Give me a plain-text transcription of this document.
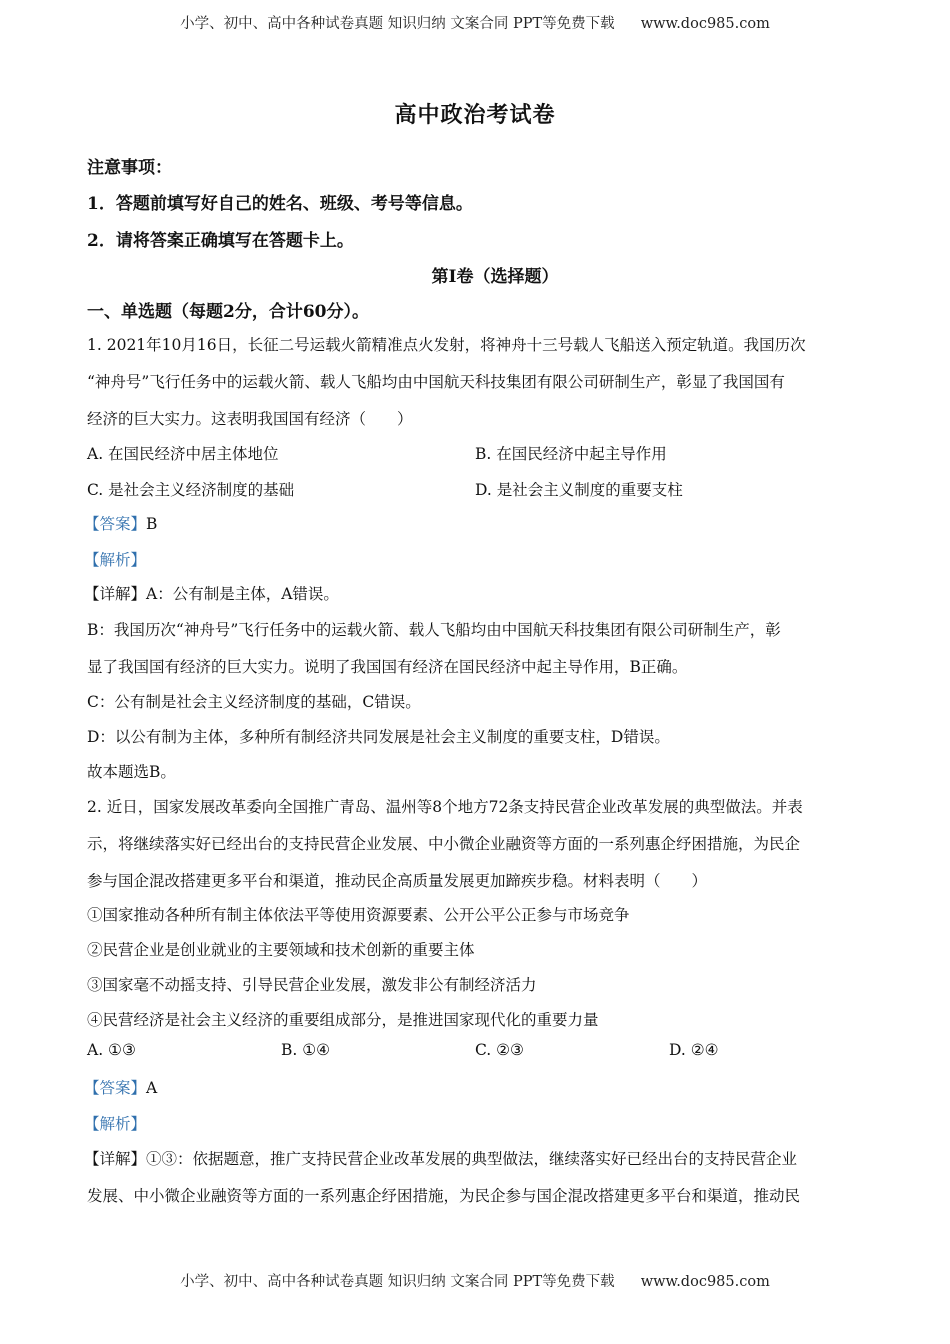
小学、初中、高中各种试卷真题 知识归纳 文案合同 PPT等免费下载 www.doc985.com
高中政治考试卷
注意事项：
1．答题前填写好自己的姓名、班级、考号等信息。
2．请将答案正确填写在答题卡上。
第I卷（选择题）
一、单选题（每题2分，合计60分）。
1. 2021年10月16日，长征二号运载火箭精准点火发射，将神舟十三号载人飞船送入预定轨道。我国历次
“神舟号”飞行任务中的运载火箭、载人飞船均由中国航天科技集团有限公司研制生产，彰显了我国国有
经济的巨大实力。这表明我国国有经济（　　）
A. 在国民经济中居主体地位	B. 在国民经济中起主导作用
C. 是社会主义经济制度的基础	D. 是社会主义制度的重要支柱
【答案】B
【解析】
【详解】A：公有制是主体，A错误。
B：我国历次“神舟号”飞行任务中的运载火箭、载人飞船均由中国航天科技集团有限公司研制生产，彰
显了我国国有经济的巨大实力。说明了我国国有经济在国民经济中起主导作用，B正确。
C：公有制是社会主义经济制度的基础，C错误。
D：以公有制为主体，多种所有制经济共同发展是社会主义制度的重要支柱，D错误。
故本题选B。
2. 近日，国家发展改革委向全国推广青岛、温州等8个地方72条支持民营企业改革发展的典型做法。并表
示，将继续落实好已经出台的支持民营企业发展、中小微企业融资等方面的一系列惠企纾困措施，为民企
参与国企混改搭建更多平台和渠道，推动民企高质量发展更加蹄疾步稳。材料表明（　　）
①国家推动各种所有制主体依法平等使用资源要素、公开公平公正参与市场竞争
②民营企业是创业就业的主要领域和技术创新的重要主体
③国家毫不动摇支持、引导民营企业发展，激发非公有制经济活力
④民营经济是社会主义经济的重要组成部分，是推进国家现代化的重要力量
A. ①③	B. ①④	C. ②③	D. ②④
【答案】A
【解析】
【详解】①③：依据题意，推广支持民营企业改革发展的典型做法，继续落实好已经出台的支持民营企业
发展、中小微企业融资等方面的一系列惠企纾困措施，为民企参与国企混改搭建更多平台和渠道，推动民
小学、初中、高中各种试卷真题 知识归纳 文案合同 PPT等免费下载 www.doc985.com
